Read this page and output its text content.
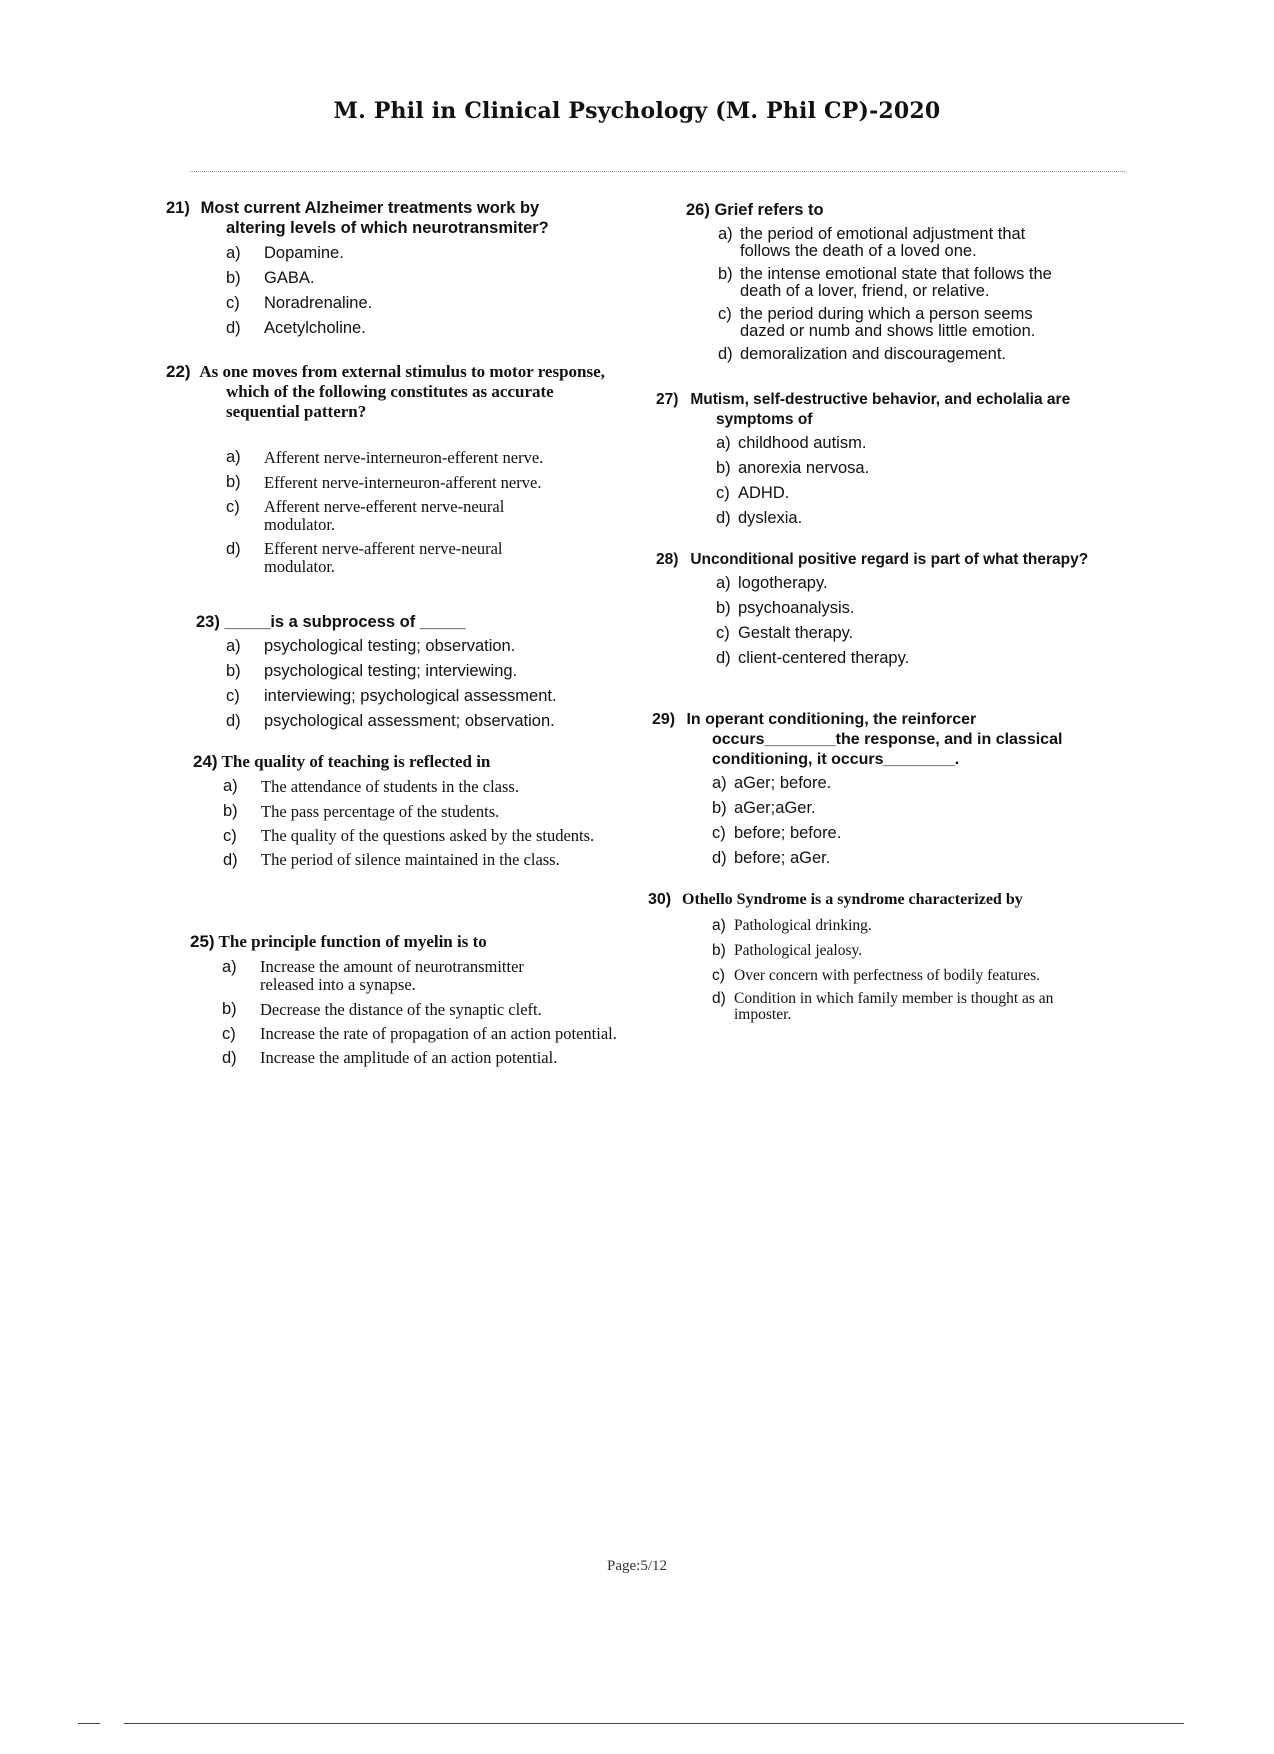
M. Phil in Clinical Psychology (M. Phil CP)-2020

21) Most current Alzheimer treatments work by altering levels of which neurotransmiter?

a) Dopamine.
b) GABA.
c) Noradrenaline.
d) Acetylcholine.

22) As one moves from external stimulus to motor response, which of the following constitutes as accurate sequential pattern?

a) Afferent nerve-interneuron-efferent nerve.
b) Efferent nerve-interneuron-afferent nerve.
c) Afferent nerve-efferent nerve-neural modulator.
d) Efferent nerve-afferent nerve-neural modulator.

23) _____is a subprocess of _____

a) psychological testing; observation.
b) psychological testing; interviewing.
c) interviewing; psychological assessment.
d) psychological assessment; observation.

24) The quality of teaching is reflected in

a) The attendance of students in the class.
b) The pass percentage of the students.
c) The quality of the questions asked by the students.
d) The period of silence maintained in the class.

25) The principle function of myelin is to

a) Increase the amount of neurotransmitter released into a synapse.
b) Decrease the distance of the synaptic cleft.
c) Increase the rate of propagation of an action potential.
d) Increase the amplitude of an action potential.

26) Grief refers to

a) the period of emotional adjustment that follows the death of a loved one.
b) the intense emotional state that follows the death of a lover, friend, or relative.
c) the period during which a person seems dazed or numb and shows little emotion.
d) demoralization and discouragement.

27) Mutism, self-destructive behavior, and echolalia are symptoms of

a) childhood autism.
b) anorexia nervosa.
c) ADHD.
d) dyslexia.

28) Unconditional positive regard is part of what therapy?

a) logotherapy.
b) psychoanalysis.
c) Gestalt therapy.
d) client-centered therapy.

29) In operant conditioning, the reinforcer occurs________the response, and in classical conditioning, it occurs________.

a) aGer; before.
b) aGer;aGer.
c) before; before.
d) before; aGer.

30) Othello Syndrome is a syndrome characterized by

a) Pathological drinking.
b) Pathological jealosy.
c) Over concern with perfectness of bodily features.
d) Condition in which family member is thought as an imposter.
Page:5/12
